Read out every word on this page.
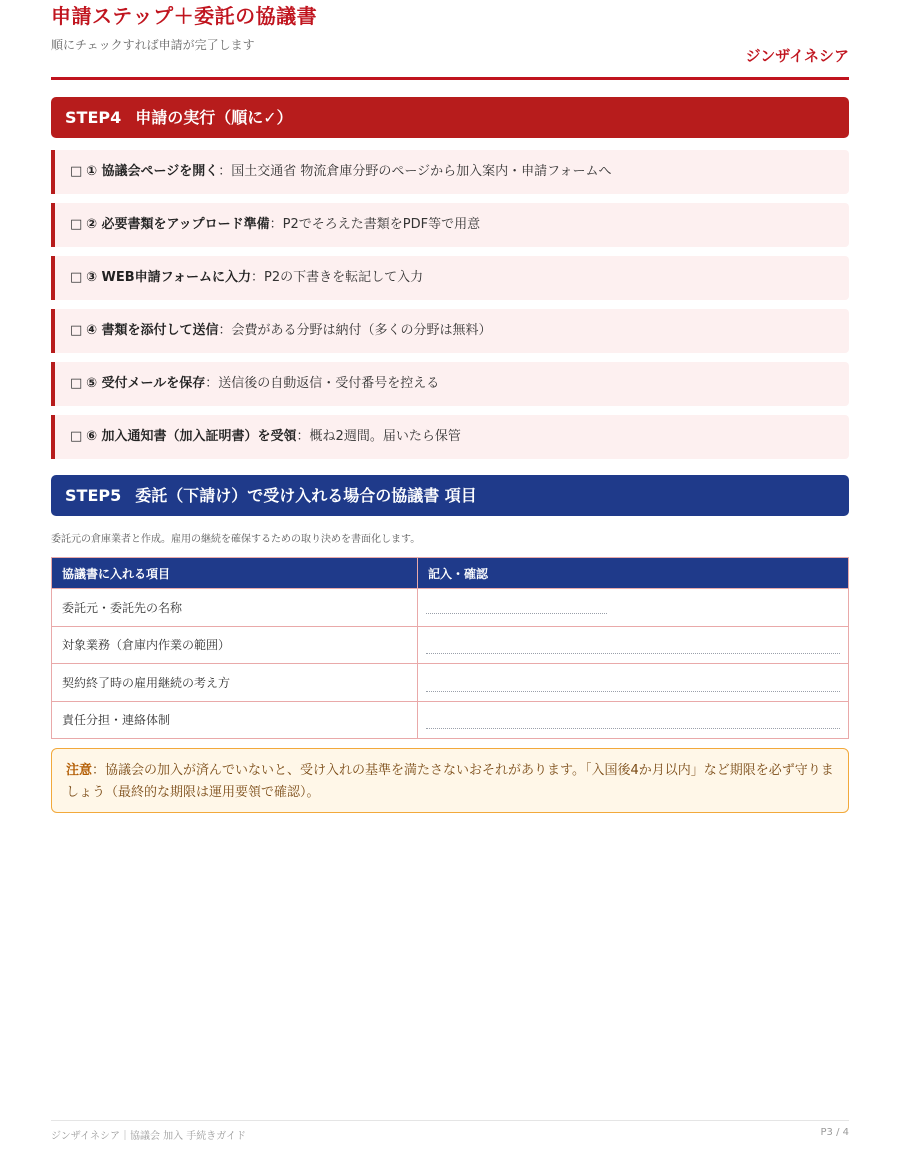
申請ステップ＋委託の協議書
順にチェックすれば申請が完了します
ジンザイネシア
STEP4 申請の実行（順に✓）
□ ① 協議会ページを開く：国土交通省 物流倉庫分野のページから加入案内・申請フォームへ
□ ② 必要書類をアップロード準備：P2でそろえた書類をPDF等で用意
□ ③ WEB申請フォームに入力：P2の下書きを転記して入力
□ ④ 書類を添付して送信：会費がある分野は納付（多くの分野は無料）
□ ⑤ 受付メールを保存：送信後の自動返信・受付番号を控える
□ ⑥ 加入通知書（加入証明書）を受領：概ね2週間。届いたら保管
STEP5 委託（下請け）で受け入れる場合の協議書 項目
委託元の倉庫業者と作成。雇用の継続を確保するための取り決めを書面化します。
協議書に入れる項目	記入・確認
委託元・委託先の名称	

対象業務（倉庫内作業の範囲）	

契約終了時の雇用継続の考え方	

責任分担・連絡体制	
注意：協議会の加入が済んでいないと、受け入れの基準を満たさないおそれがあります。「入国後4か月以内」など期限を必ず守りましょう（最終的な期限は運用要領で確認）。
ジンザイネシア｜協議会 加入 手続きガイド	P3 / 4
